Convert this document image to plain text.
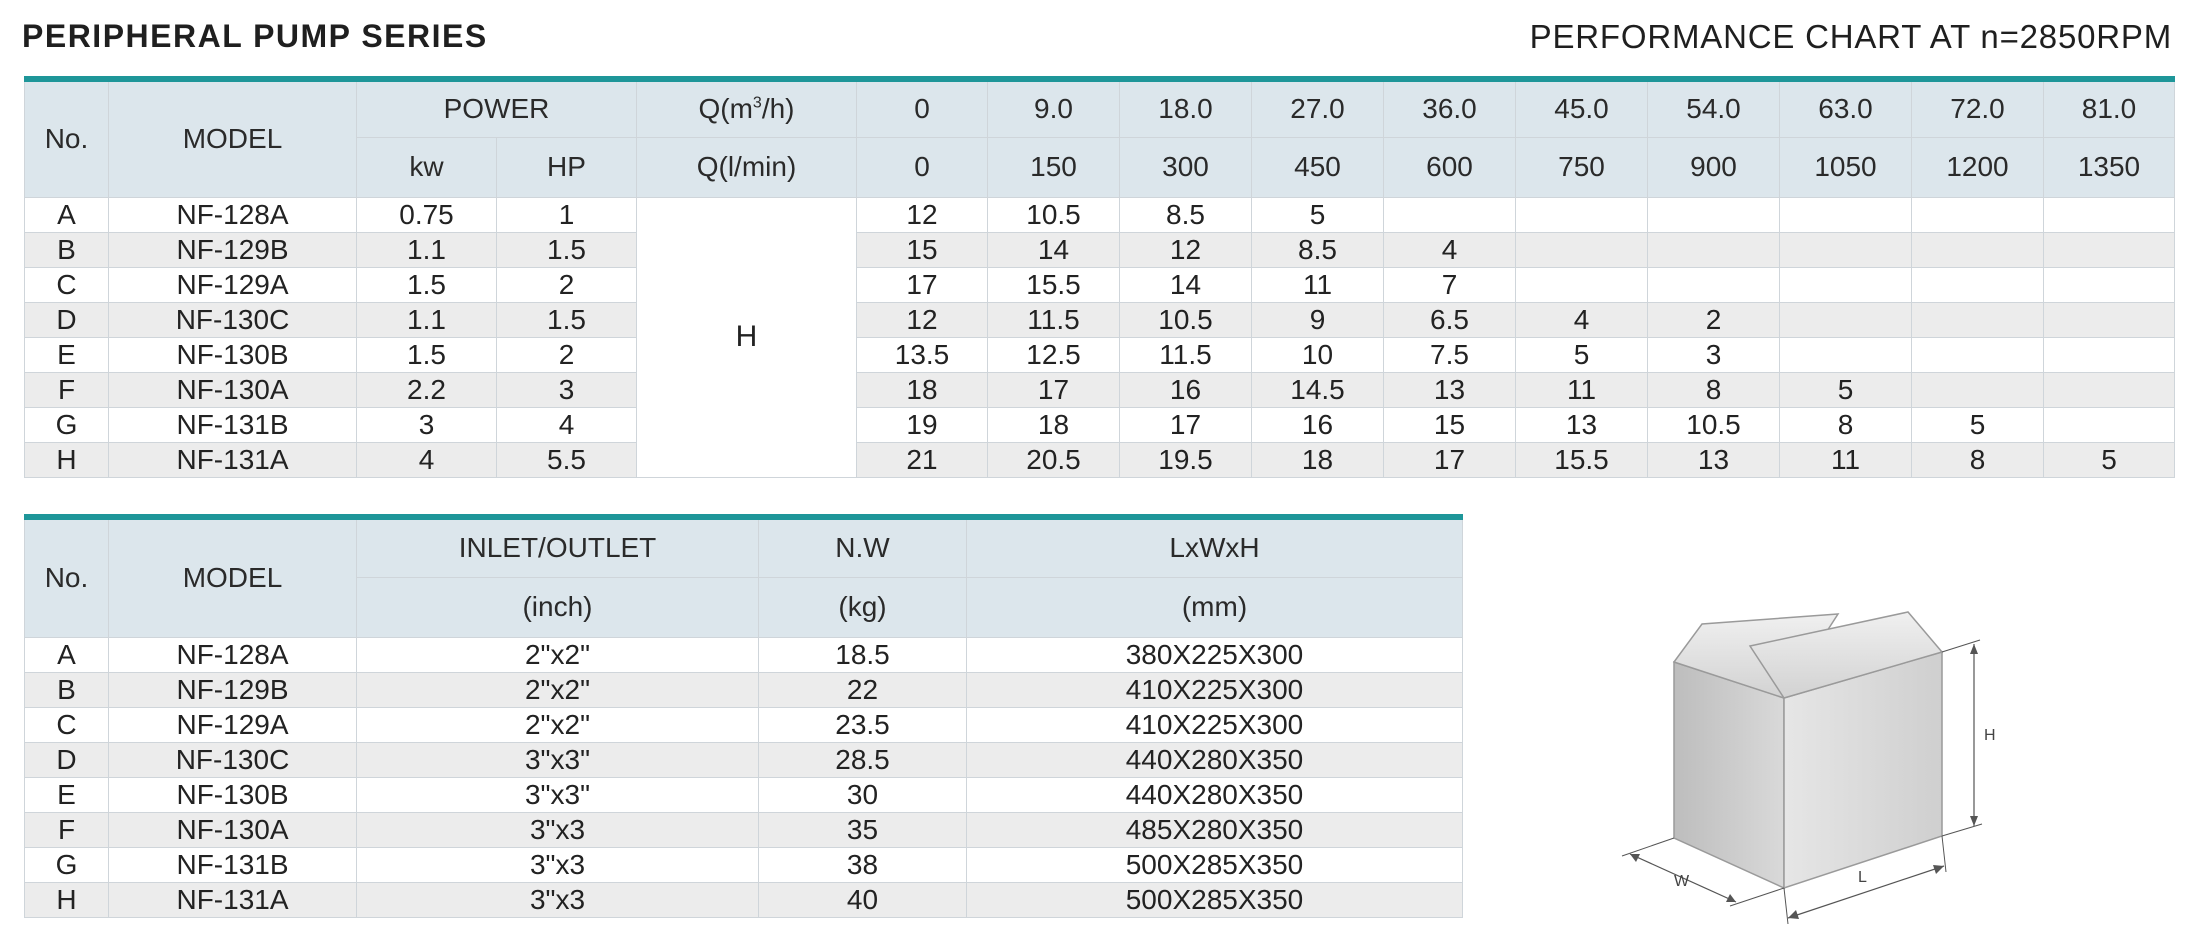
PERIPHERAL PUMP SERIES	PERFORMANCE CHART AT n=2850RPM
No.	MODEL	POWER		$Q(m^3/h)$	0	9.0	18.0	27.0	36.0	45.0	54.0	63.0	72.0	81.0
		kw	HP	Q(l/min)	0	150	300	450	600	750	900	1050	1200	1350
A	NF-128A	0.75	1	H	12	10.5	8.5	5						
B	NF-129B	1.1	1.5		15	14	12	8.5	4					
C	NF-129A	1.5	2		17	15.5	14	11	7					
D	NF-130C	1.1	1.5		12	11.5	10.5	9	6.5	4	2			
E	NF-130B	1.5	2		13.5	12.5	11.5	10	7.5	5	3			
F	NF-130A	2.2	3		18	17	16	14.5	13	11	8	5		
G	NF-131B	3	4		19	18	17	16	15	13	10.5	8	5	
H	NF-131A	4	5.5		21	20.5	19.5	18	17	15.5	13	11	8	5
No.	MODEL	INLET/OUTLET	N.W	LxWxH
		(inch)	(kg)	(mm)
A	NF-128A	2"x2"	18.5	380X225X300
B	NF-129B	2"x2"	22	410X225X300
C	NF-129A	2"x2"	23.5	410X225X300
D	NF-130C	3"x3"	28.5	440X280X350
E	NF-130B	3"x3"	30	440X280X350
F	NF-130A	3"x3	35	485X280X350
G	NF-131B	3"x3	38	500X285X350
H	NF-131A	3"x3	40	500X285X350
H
W	L
